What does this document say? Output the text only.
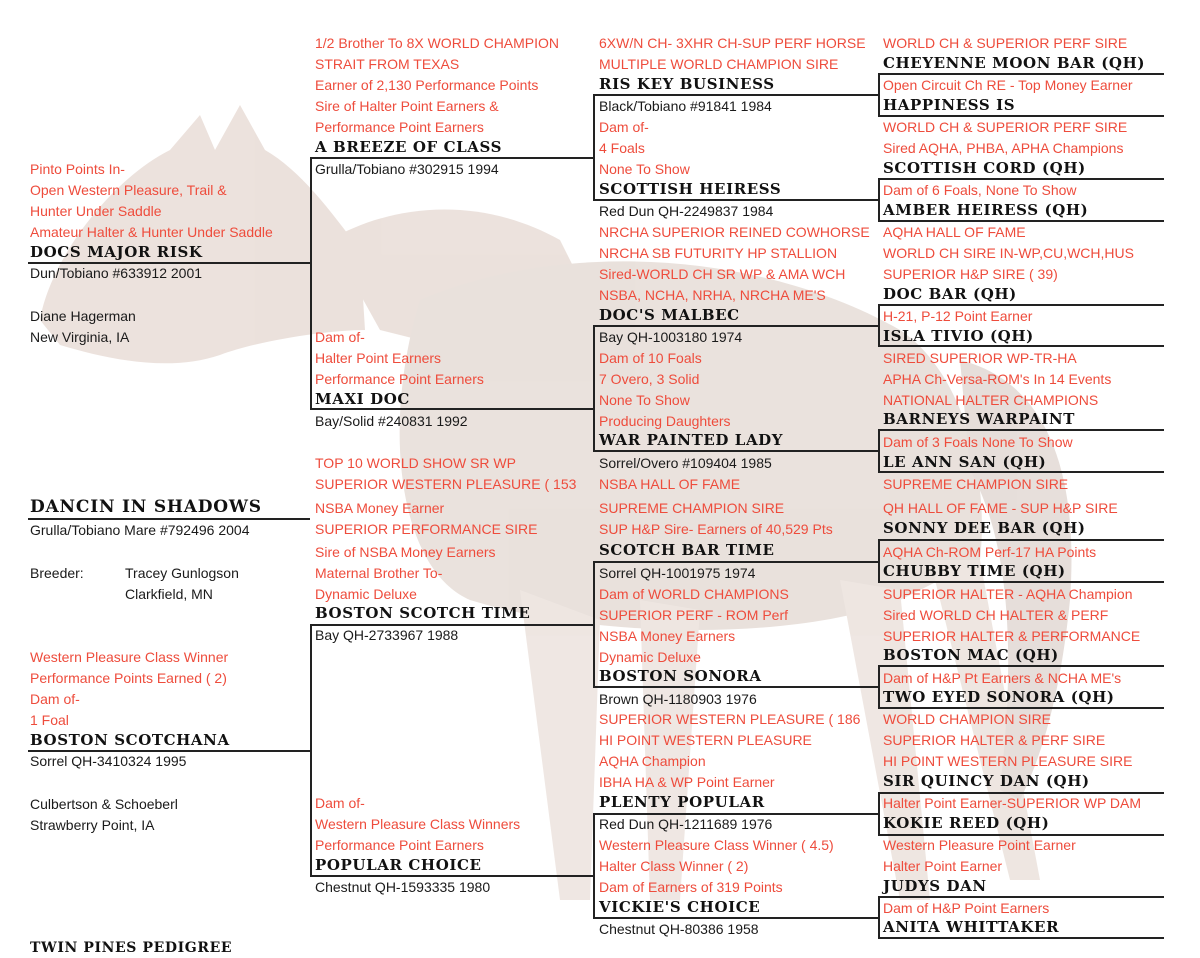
DANCIN IN SHADOWS
Grulla/Tobiano Mare #792496 2004
Breeder:	Tracey Gunlogson
Clarkfield, MN
Pinto Points In-
Open Western Pleasure, Trail &
Hunter Under Saddle
Amateur Halter & Hunter Under Saddle
DOCS MAJOR RISK
Dun/Tobiano #633912 2001
Diane Hagerman
New Virginia, IA
Western Pleasure Class Winner
Performance Points Earned ( 2)
Dam of-
1 Foal
BOSTON SCOTCHANA
Sorrel QH-3410324 1995
Culbertson & Schoeberl
Strawberry Point, IA
1/2 Brother To 8X WORLD CHAMPION
STRAIT FROM TEXAS
Earner of 2,130 Performance Points
Sire of Halter Point Earners &
Performance Point Earners
A BREEZE OF CLASS
Grulla/Tobiano #302915 1994
Dam of-
Halter Point Earners
Performance Point Earners
MAXI DOC
Bay/Solid #240831 1992
TOP 10 WORLD SHOW SR WP
SUPERIOR WESTERN PLEASURE ( 153
NSBA Money Earner
SUPERIOR PERFORMANCE SIRE
Sire of NSBA Money Earners
Maternal Brother To-
Dynamic Deluxe
BOSTON SCOTCH TIME
Bay QH-2733967 1988
Dam of-
Western Pleasure Class Winners
Performance Point Earners
POPULAR CHOICE
Chestnut QH-1593335 1980
6XW/N CH- 3XHR CH-SUP PERF HORSE
MULTIPLE WORLD CHAMPION SIRE
RIS KEY BUSINESS
Black/Tobiano #91841 1984
Dam of-
4 Foals
None To Show
SCOTTISH HEIRESS
Red Dun QH-2249837 1984
NRCHA SUPERIOR REINED COWHORSE
NRCHA SB FUTURITY HP STALLION
Sired-WORLD CH SR WP & AMA WCH
NSBA, NCHA, NRHA, NRCHA ME'S
DOC'S MALBEC
Bay QH-1003180 1974
Dam of 10 Foals
7 Overo, 3 Solid
None To Show
Producing Daughters
WAR PAINTED LADY
Sorrel/Overo #109404 1985
NSBA HALL OF FAME
SUPREME CHAMPION SIRE
SUP H&P Sire- Earners of 40,529 Pts
SCOTCH BAR TIME
Sorrel QH-1001975 1974
Dam of WORLD CHAMPIONS
SUPERIOR PERF - ROM Perf
NSBA Money Earners
Dynamic Deluxe
BOSTON SONORA
Brown QH-1180903 1976
SUPERIOR WESTERN PLEASURE ( 186
HI POINT WESTERN PLEASURE
AQHA Champion
IBHA HA & WP Point Earner
PLENTY POPULAR
Red Dun QH-1211689 1976
Western Pleasure Class Winner ( 4.5)
Halter Class Winner ( 2)
Dam of Earners of 319 Points
VICKIE'S CHOICE
Chestnut QH-80386 1958
WORLD CH & SUPERIOR PERF SIRE
CHEYENNE MOON BAR (QH)
Open Circuit Ch RE - Top Money Earner
HAPPINESS IS
WORLD CH & SUPERIOR PERF SIRE
Sired AQHA, PHBA, APHA Champions
SCOTTISH CORD (QH)
Dam of 6 Foals, None To Show
AMBER HEIRESS (QH)
AQHA HALL OF FAME
WORLD CH SIRE IN-WP,CU,WCH,HUS
SUPERIOR H&P SIRE ( 39)
DOC BAR (QH)
H-21, P-12 Point Earner
ISLA TIVIO (QH)
SIRED SUPERIOR WP-TR-HA
APHA Ch-Versa-ROM's In 14 Events
NATIONAL HALTER CHAMPIONS
BARNEYS WARPAINT
Dam of 3 Foals None To Show
LE ANN SAN (QH)
SUPREME CHAMPION SIRE
QH HALL OF FAME - SUP H&P SIRE
SONNY DEE BAR (QH)
AQHA Ch-ROM Perf-17 HA Points
CHUBBY TIME (QH)
SUPERIOR HALTER - AQHA Champion
Sired WORLD CH HALTER & PERF
SUPERIOR HALTER & PERFORMANCE
BOSTON MAC (QH)
Dam of H&P Pt Earners & NCHA ME's
TWO EYED SONORA (QH)
WORLD CHAMPION SIRE
SUPERIOR HALTER & PERF SIRE
HI POINT WESTERN PLEASURE SIRE
SIR QUINCY DAN (QH)
Halter Point Earner-SUPERIOR WP DAM
KOKIE REED (QH)
Western Pleasure Point Earner
Halter Point Earner
JUDYS DAN
Dam of H&P Point Earners
ANITA WHITTAKER
TWIN PINES PEDIGREE
